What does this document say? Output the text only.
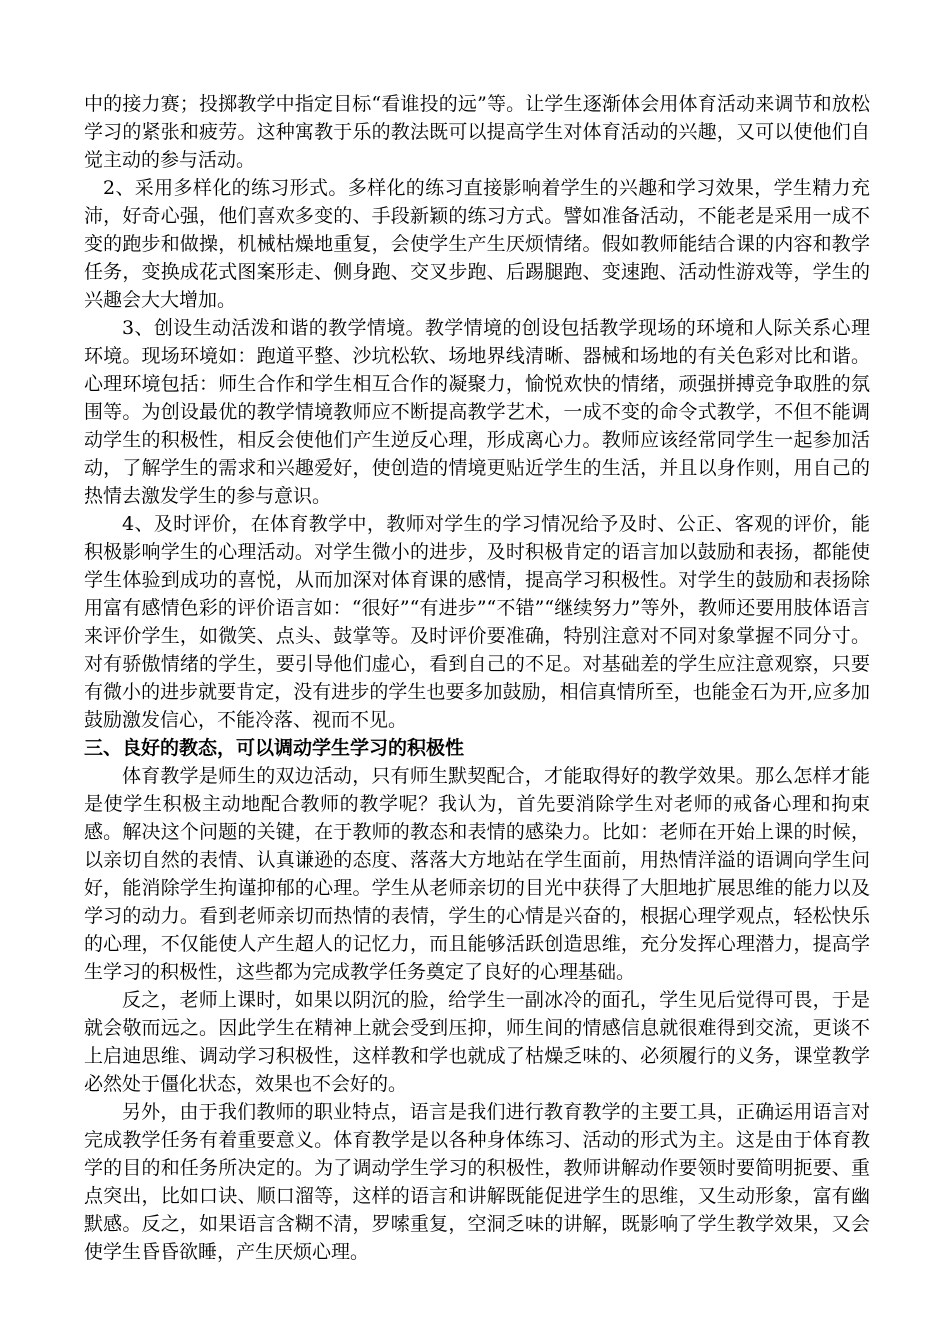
中的接力赛；投掷教学中指定目标“看谁投的远”等。让学生逐渐体会用体育活动来调节和放松学习的紧张和疲劳。这种寓教于乐的教法既可以提高学生对体育活动的兴趣，又可以使他们自觉主动的参与活动。

2、采用多样化的练习形式。多样化的练习直接影响着学生的兴趣和学习效果，学生精力充沛，好奇心强，他们喜欢多变的、手段新颖的练习方式。譬如准备活动，不能老是采用一成不变的跑步和做操，机械枯燥地重复，会使学生产生厌烦情绪。假如教师能结合课的内容和教学任务，变换成花式图案形走、侧身跑、交叉步跑、后踢腿跑、变速跑、活动性游戏等，学生的兴趣会大大增加。

3、创设生动活泼和谐的教学情境。教学情境的创设包括教学现场的环境和人际关系心理环境。现场环境如：跑道平整、沙坑松软、场地界线清晰、器械和场地的有关色彩对比和谐。心理环境包括：师生合作和学生相互合作的凝聚力，愉悦欢快的情绪，顽强拼搏竞争取胜的氛围等。为创设最优的教学情境教师应不断提高教学艺术，一成不变的命令式教学，不但不能调动学生的积极性，相反会使他们产生逆反心理，形成离心力。教师应该经常同学生一起参加活动，了解学生的需求和兴趣爱好，使创造的情境更贴近学生的生活，并且以身作则，用自己的热情去激发学生的参与意识。

4、及时评价，在体育教学中，教师对学生的学习情况给予及时、公正、客观的评价，能积极影响学生的心理活动。对学生微小的进步，及时积极肯定的语言加以鼓励和表扬，都能使学生体验到成功的喜悦，从而加深对体育课的感情，提高学习积极性。对学生的鼓励和表扬除用富有感情色彩的评价语言如：“很好”“有进步”“不错”“继续努力”等外，教师还要用肢体语言来评价学生，如微笑、点头、鼓掌等。及时评价要准确，特别注意对不同对象掌握不同分寸。对有骄傲情绪的学生，要引导他们虚心，看到自己的不足。对基础差的学生应注意观察，只要有微小的进步就要肯定，没有进步的学生也要多加鼓励，相信真情所至，也能金石为开,应多加鼓励激发信心，不能冷落、视而不见。

三、良好的教态，可以调动学生学习的积极性

体育教学是师生的双边活动，只有师生默契配合，才能取得好的教学效果。那么怎样才能是使学生积极主动地配合教师的教学呢？我认为，首先要消除学生对老师的戒备心理和拘束感。解决这个问题的关键，在于教师的教态和表情的感染力。比如：老师在开始上课的时候，以亲切自然的表情、认真谦逊的态度、落落大方地站在学生面前，用热情洋溢的语调向学生问好，能消除学生拘谨抑郁的心理。学生从老师亲切的目光中获得了大胆地扩展思维的能力以及学习的动力。看到老师亲切而热情的表情，学生的心情是兴奋的，根据心理学观点，轻松快乐的心理，不仅能使人产生超人的记忆力，而且能够活跃创造思维，充分发挥心理潜力，提高学生学习的积极性，这些都为完成教学任务奠定了良好的心理基础。

反之，老师上课时，如果以阴沉的脸，给学生一副冰冷的面孔，学生见后觉得可畏，于是就会敬而远之。因此学生在精神上就会受到压抑，师生间的情感信息就很难得到交流，更谈不上启迪思维、调动学习积极性，这样教和学也就成了枯燥乏味的、必须履行的义务，课堂教学必然处于僵化状态，效果也不会好的。

另外，由于我们教师的职业特点，语言是我们进行教育教学的主要工具，正确运用语言对完成教学任务有着重要意义。体育教学是以各种身体练习、活动的形式为主。这是由于体育教学的目的和任务所决定的。为了调动学生学习的积极性，教师讲解动作要领时要简明扼要、重点突出，比如口诀、顺口溜等，这样的语言和讲解既能促进学生的思维，又生动形象，富有幽默感。反之，如果语言含糊不清，罗嗦重复，空洞乏味的讲解，既影响了学生教学效果，又会使学生昏昏欲睡，产生厌烦心理。
